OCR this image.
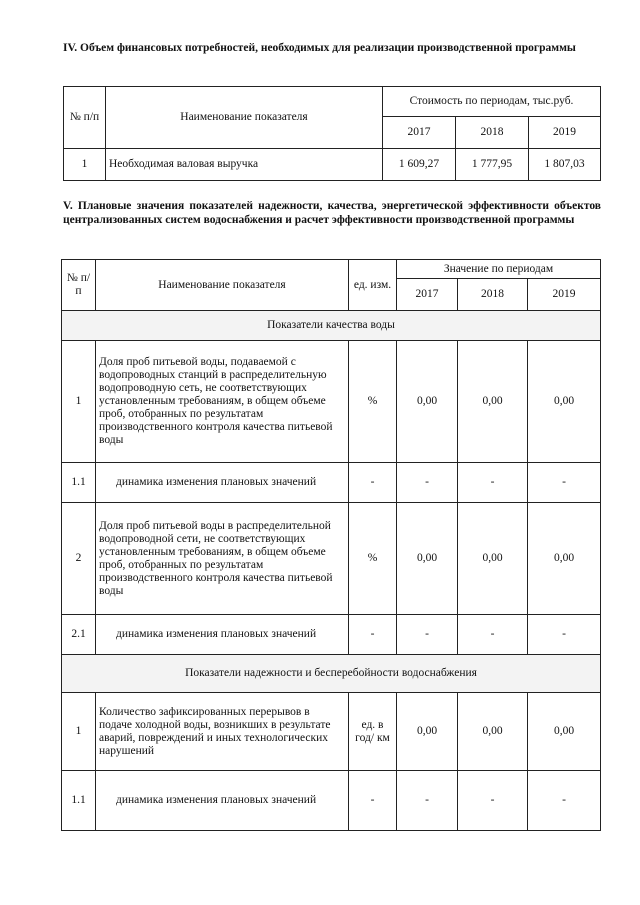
IV. Объем финансовых потребностей, необходимых для реализации производственной программы
№ п/п	Наименование показателя	Стоимость по периодам, тыс.руб.		
		2017	2018	2019
1	Необходимая валовая выручка	1 609,27	1 777,95	1 807,03
V. Плановые значения показателей надежности, качества, энергетической эффективности объектов централизованных систем водоснабжения и расчет эффективности производственной программы
№ п/п	Наименование показателя	ед. изм.	Значение по периодам		
			2017	2018	2019
Показатели качества воды					
1	Доля проб питьевой воды, подаваемой с водопроводных станций в распределительную водопроводную сеть, не соответствующих установленным требованиям, в общем объеме проб, отобранных по результатам производственного контроля качества питьевой воды	%	0,00	0,00	0,00
1.1	динамика изменения плановых значений	-	-	-	-
2	Доля проб питьевой воды в распределительной водопроводной сети, не соответствующих установленным требованиям, в общем объеме проб, отобранных по результатам производственного контроля качества питьевой воды	%	0,00	0,00	0,00
2.1	динамика изменения плановых значений	-	-	-	-
Показатели надежности и бесперебойности водоснабжения					
1	Количество зафиксированных перерывов в подаче холодной воды, возникших в результате аварий, повреждений и иных технологических нарушений	ед. в год/ км	0,00	0,00	0,00
1.1	динамика изменения плановых значений	-	-	-	-
